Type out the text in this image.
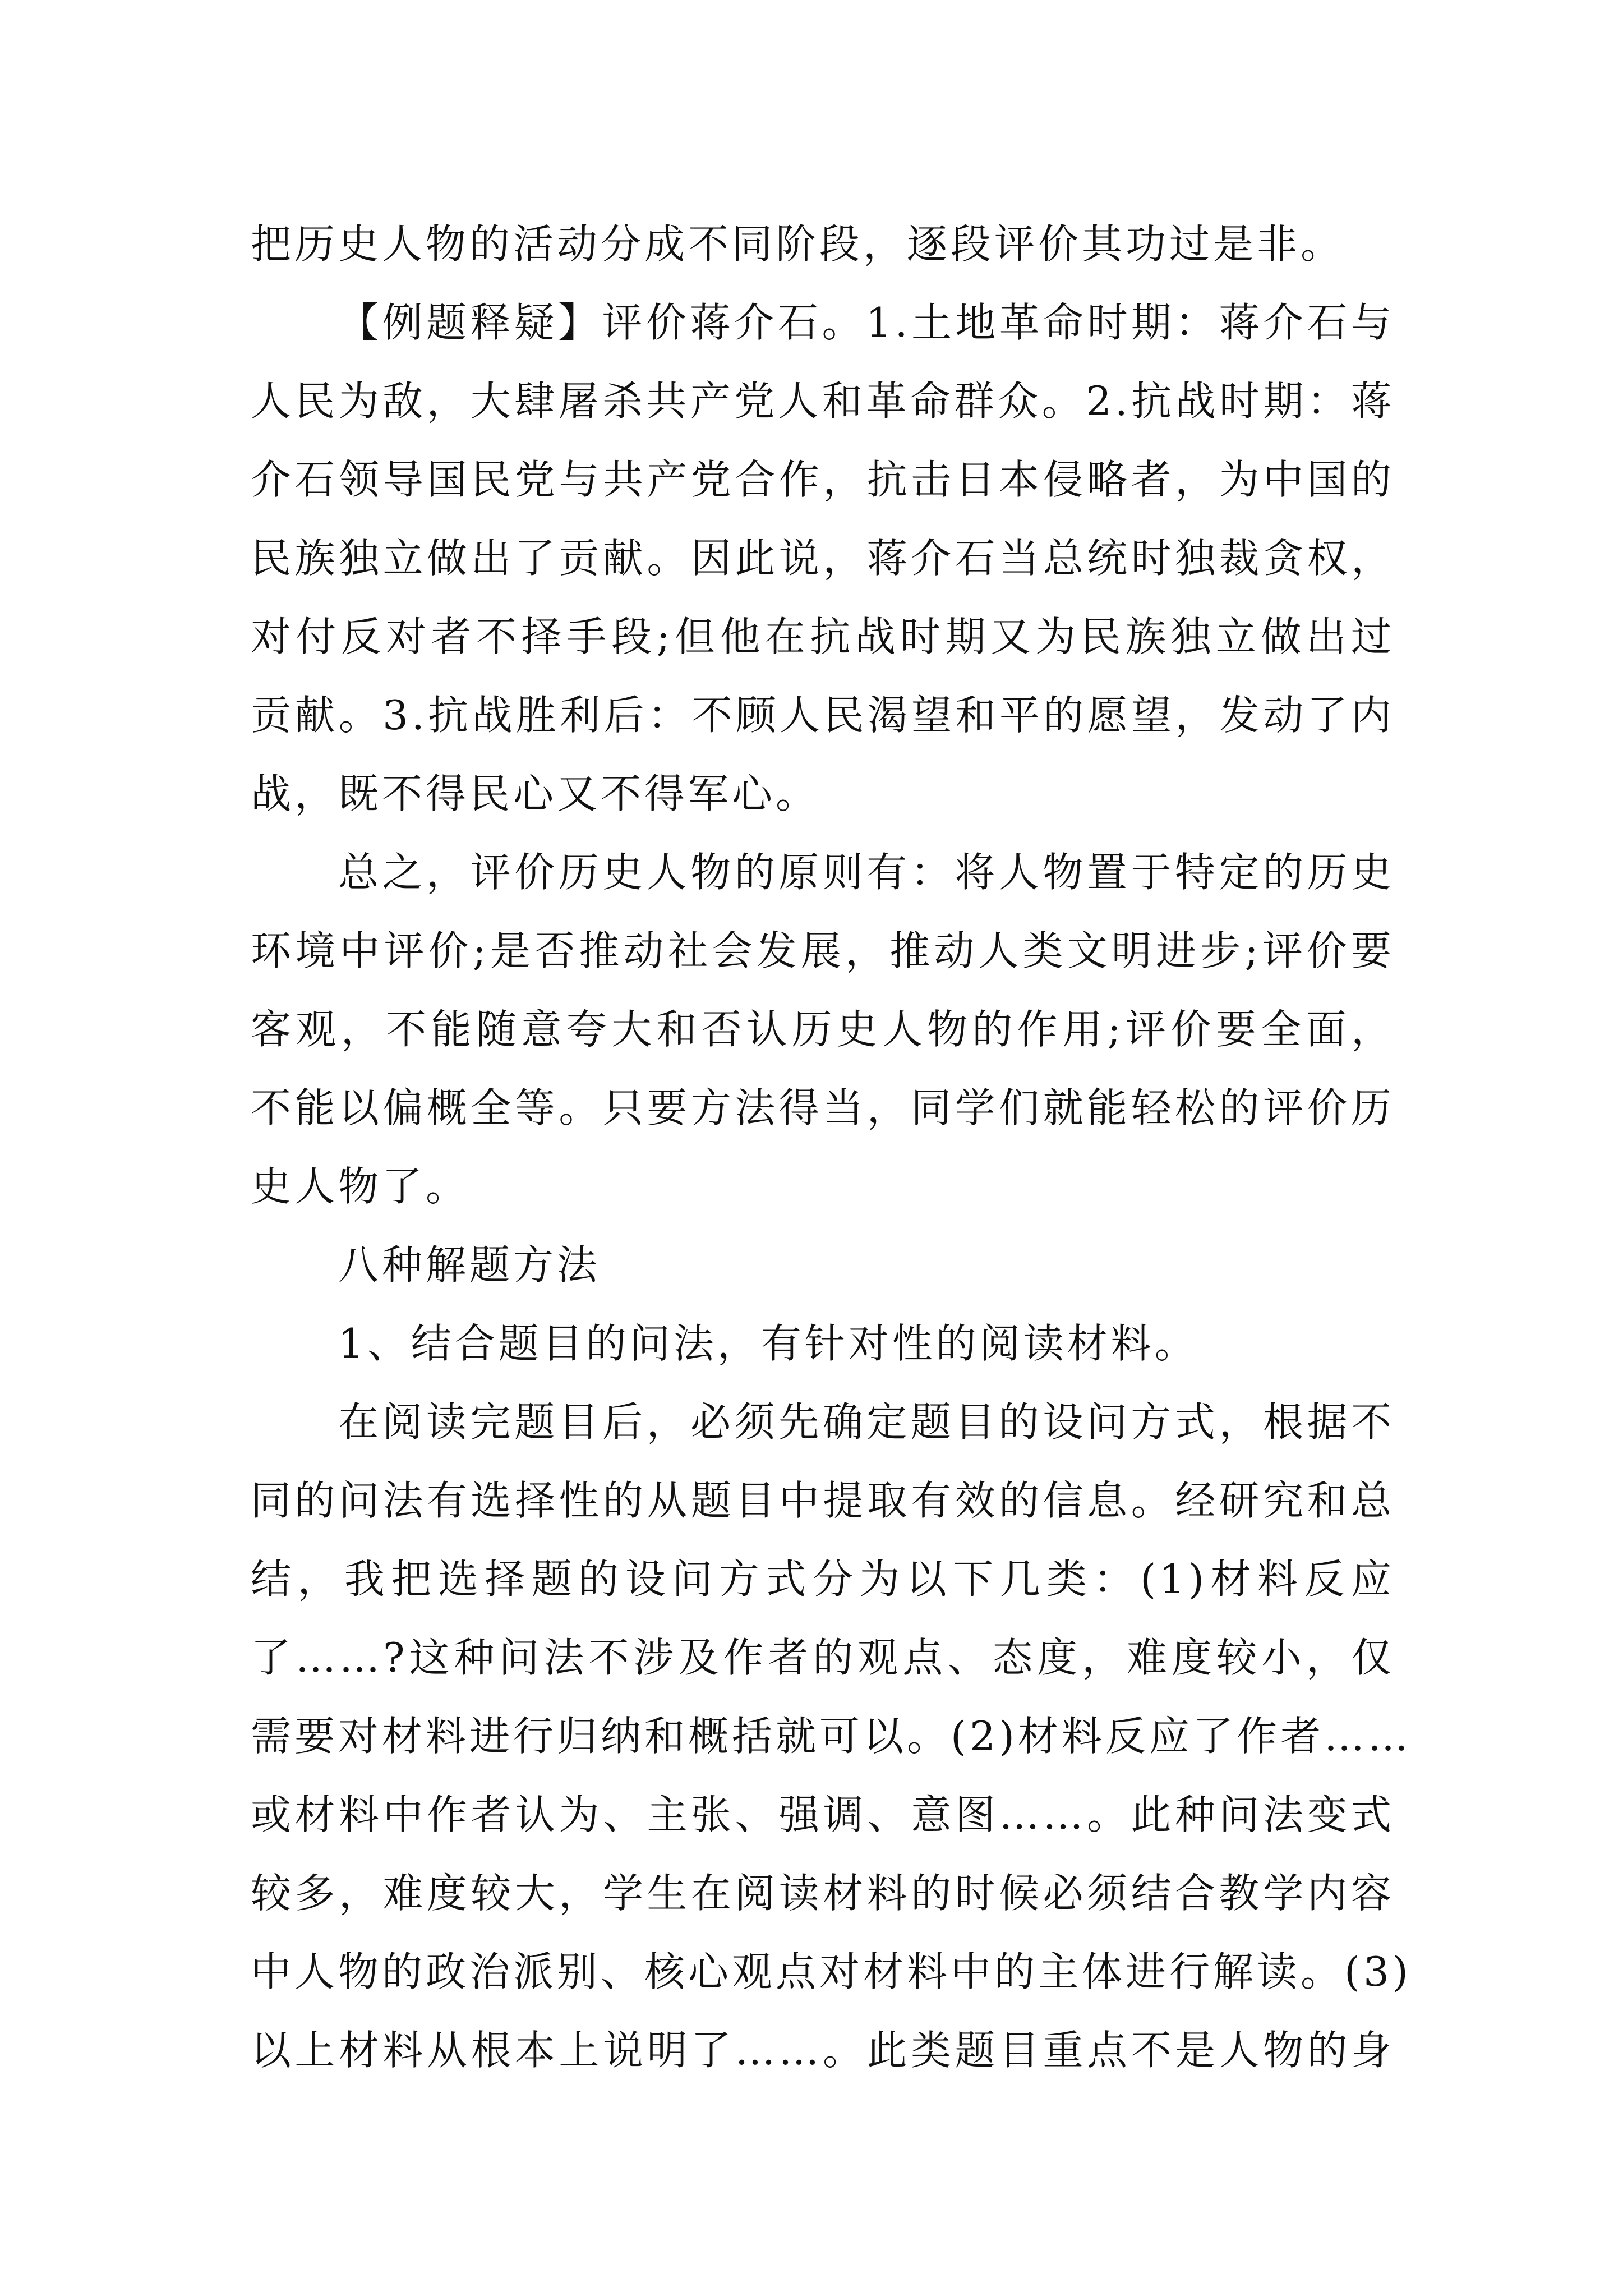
把历史人物的活动分成不同阶段，逐段评价其功过是非。
【例题释疑】评价蒋介石。1.土地革命时期：蒋介石与
人民为敌，大肆屠杀共产党人和革命群众。2.抗战时期：蒋
介石领导国民党与共产党合作，抗击日本侵略者，为中国的
民族独立做出了贡献。因此说，蒋介石当总统时独裁贪权，
对付反对者不择手段;但他在抗战时期又为民族独立做出过
贡献。3.抗战胜利后：不顾人民渴望和平的愿望，发动了内
战，既不得民心又不得军心。
总之，评价历史人物的原则有：将人物置于特定的历史
环境中评价;是否推动社会发展，推动人类文明进步;评价要
客观，不能随意夸大和否认历史人物的作用;评价要全面，
不能以偏概全等。只要方法得当，同学们就能轻松的评价历
史人物了。
八种解题方法
1、结合题目的问法，有针对性的阅读材料。
在阅读完题目后，必须先确定题目的设问方式，根据不
同的问法有选择性的从题目中提取有效的信息。经研究和总
结，我把选择题的设问方式分为以下几类：(1)材料反应
了……?这种问法不涉及作者的观点、态度，难度较小，仅
需要对材料进行归纳和概括就可以。(2)材料反应了作者……
或材料中作者认为、主张、强调、意图……。此种问法变式
较多，难度较大，学生在阅读材料的时候必须结合教学内容
中人物的政治派别、核心观点对材料中的主体进行解读。(3)
以上材料从根本上说明了……。此类题目重点不是人物的身
